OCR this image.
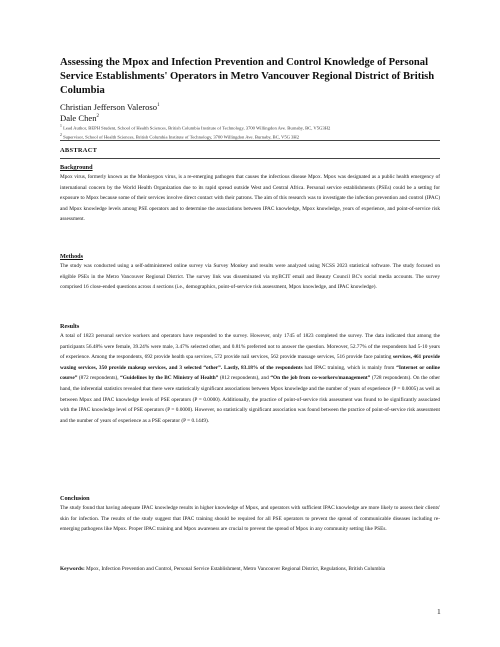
Assessing the Mpox and Infection Prevention and Control Knowledge of Personal Service Establishments' Operators in Metro Vancouver Regional District of British Columbia
Christian Jefferson Valeroso$^1$
Dale Chen$^2$
$^1$ Lead Author, BEPH Student, School of Health Sciences, British Columbia Institute of Technology, 3700 Willingdon Ave. Burnaby, BC, V5G3H2
$^2$ Supervisor, School of Health Sciences, British Columbia Institute of Technology, 3700 Willingdon Ave. Burnaby, BC, V5G 3H2
ABSTRACT
Background

Mpox virus, formerly known as the Monkeypox virus, is a re-emerging pathogen that causes the infectious disease Mpox. Mpox was designated as a public health emergency of international concern by the World Health Organization due to its rapid spread outside West and Central Africa. Personal service establishments (PSEs) could be a setting for exposure to Mpox because some of their services involve direct contact with their patrons. The aim of this research was to investigate the infection prevention and control (IPAC) and Mpox knowledge levels among PSE operators and to determine the associations between IPAC knowledge, Mpox knowledge, years of experience, and point-of-service risk assessment.

Methods

The study was conducted using a self-administered online survey via Survey Monkey and results were analyzed using NCSS 2023 statistical software. The study focused on eligible PSEs in the Metro Vancouver Regional District. The survey link was disseminated via myBCIT email and Beauty Council BC's social media accounts. The survey comprised 16 close-ended questions across 4 sections (i.e., demographics, point-of-service risk assessment, Mpox knowledge, and IPAC knowledge).

Results

A total of 1823 personal service workers and operators have responded to the survey. However, only 1745 of 1823 completed the survey. The data indicated that among the participants 56.48% were female, 39.24% were male, 3.47% selected other, and 0.81% preferred not to answer the question. Moreover, 52.77% of the respondents had 5-10 years of experience. Among the respondents, 692 provide health spa services, 572 provide nail services, 562 provide massage services, 516 provide face painting services, 461 provide waxing services, 350 provide makeup services, and 3 selected “other”. Lastly, 83.18% of the respondents had IPAC training, which is mainly from “Internet or online course” (872 respondents), “Guidelines by the BC Ministry of Health” (812 respondents), and “On the job from co-workers/management” (728 respondents). On the other hand, the inferential statistics revealed that there were statistically significant associations between Mpox knowledge and the number of years of experience (P = 0.0005) as well as between Mpox and IPAC knowledge levels of PSE operators (P = 0.0000). Additionally, the practice of point-of-service risk assessment was found to be significantly associated with the IPAC knowledge level of PSE operators (P = 0.0000). However, no statistically significant association was found between the practice of point-of-service risk assessment and the number of years of experience as a PSE operator (P = 0.1449).

Conclusion

The study found that having adequate IPAC knowledge results in higher knowledge of Mpox, and operators with sufficient IPAC knowledge are more likely to assess their clients' skin for infection. The results of the study suggest that IPAC training should be required for all PSE operators to prevent the spread of communicable diseases including re-emerging pathogens like Mpox. Proper IPAC training and Mpox awareness are crucial to prevent the spread of Mpox in any community setting like PSEs.

Keywords: Mpox, Infection Prevention and Control, Personal Service Establishment, Metro Vancouver Regional District, Regulations, British Columbia

1
